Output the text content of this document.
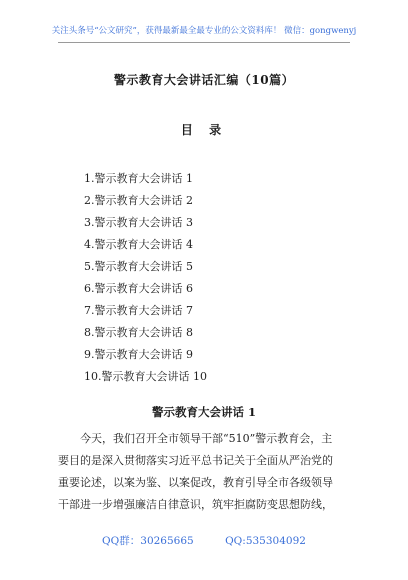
关注头条号“公文研究”，获得最新最全最专业的公文资料库！ 微信：gongwenyj
警示教育大会讲话汇编（10篇）
目 录
1.警示教育大会讲话 1
2.警示教育大会讲话 2
3.警示教育大会讲话 3
4.警示教育大会讲话 4
5.警示教育大会讲话 5
6.警示教育大会讲话 6
7.警示教育大会讲话 7
8.警示教育大会讲话 8
9.警示教育大会讲话 9
10.警示教育大会讲话 10
警示教育大会讲话 1
今天，我们召开全市领导干部“510”警示教育会，主
要目的是深入贯彻落实习近平总书记关于全面从严治党的
重要论述，以案为鉴、以案促改，教育引导全市各级领导
干部进一步增强廉洁自律意识，筑牢拒腐防变思想防线，
QQ群：30265665	QQ:535304092
